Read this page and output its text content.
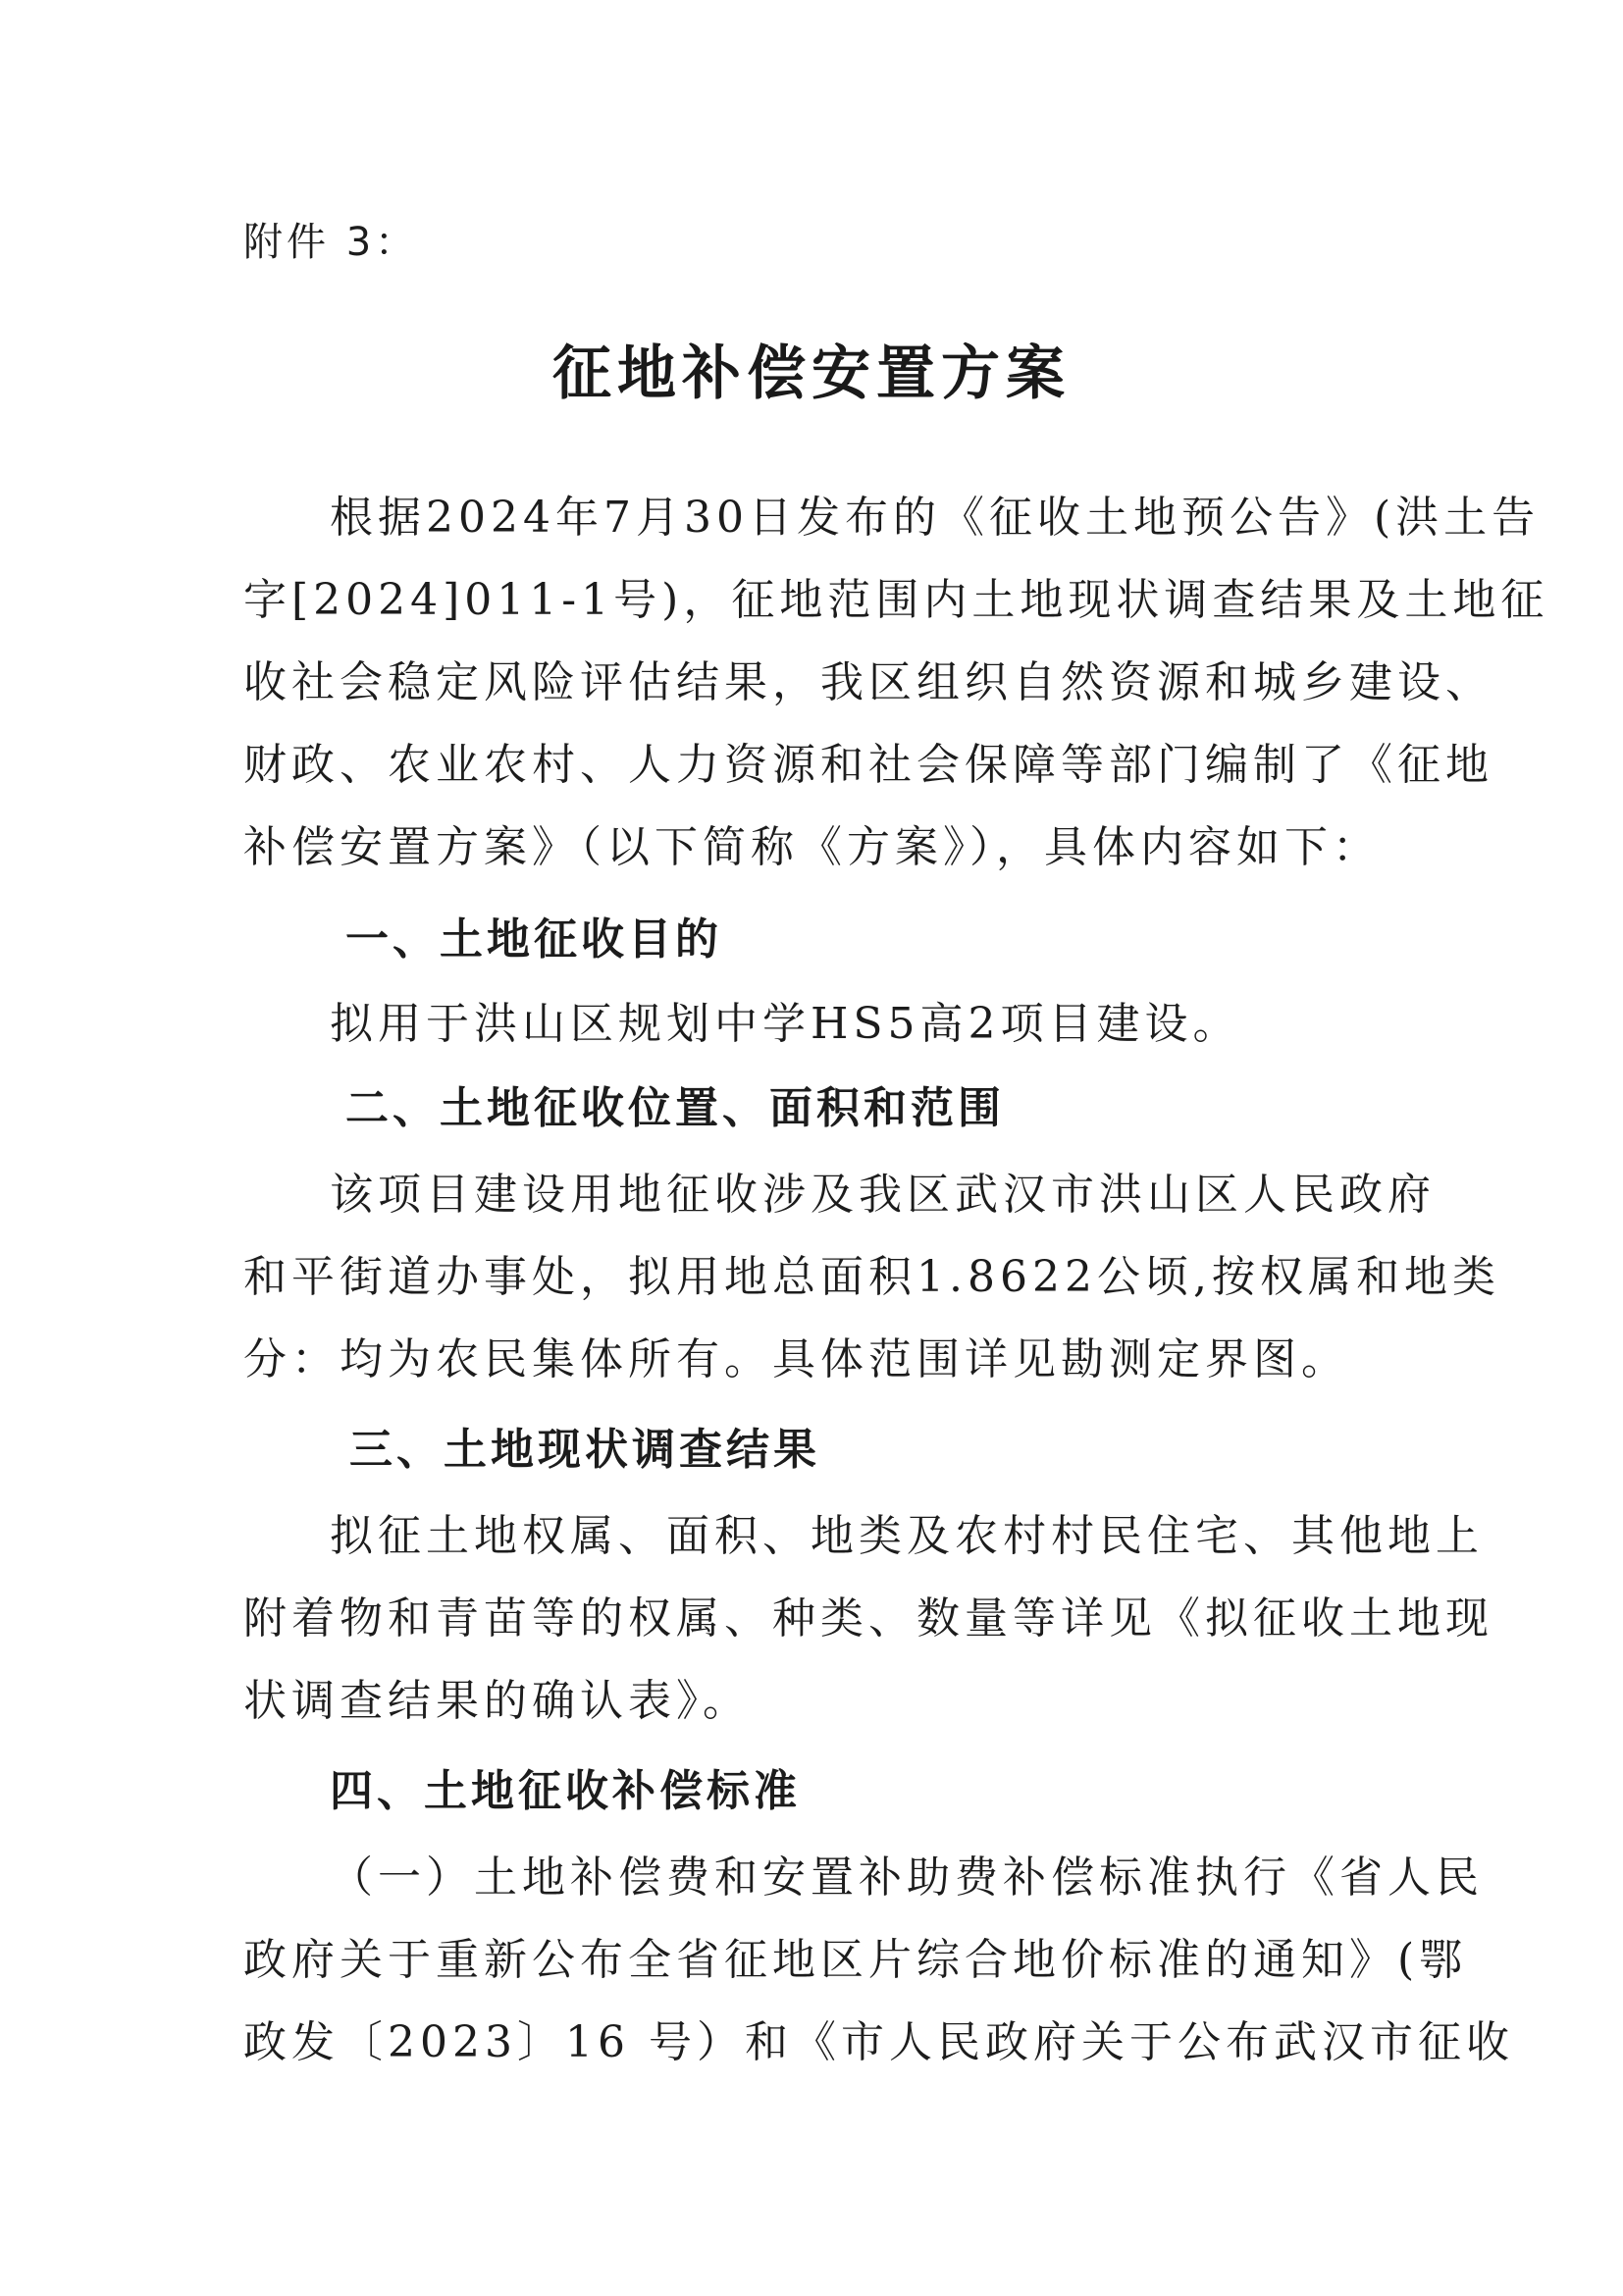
附件 3：
征地补偿安置方案
根据2024年7月30日发布的《征收土地预公告》(洪土告
字[2024]011-1号)，征地范围内土地现状调查结果及土地征
收社会稳定风险评估结果，我区组织自然资源和城乡建设、
财政、农业农村、人力资源和社会保障等部门编制了《征地
补偿安置方案》（以下简称《方案》），具体内容如下：
一、土地征收目的
拟用于洪山区规划中学HS5高2项目建设。
二、土地征收位置、面积和范围
该项目建设用地征收涉及我区武汉市洪山区人民政府
和平街道办事处，拟用地总面积1.8622公顷,按权属和地类
分：均为农民集体所有。具体范围详见勘测定界图。
三、土地现状调查结果
拟征土地权属、面积、地类及农村村民住宅、其他地上
附着物和青苗等的权属、种类、数量等详见《拟征收土地现
状调查结果的确认表》。
四、土地征收补偿标准
（一）土地补偿费和安置补助费补偿标准执行《省人民
政府关于重新公布全省征地区片综合地价标准的通知》(鄂
政发〔2023〕16 号）和《市人民政府关于公布武汉市征收
